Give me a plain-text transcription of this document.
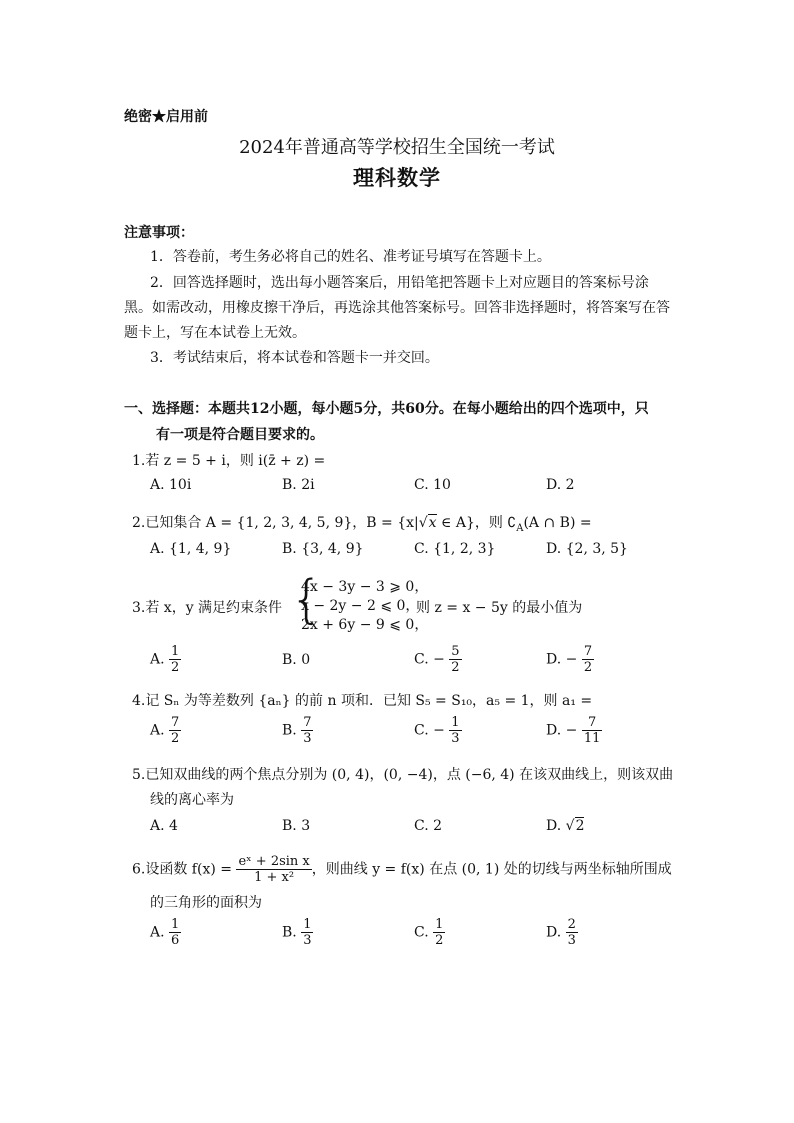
绝密★启用前
2024年普通高等学校招生全国统一考试
理科数学
注意事项：
1．答卷前，考生务必将自己的姓名、准考证号填写在答题卡上。
2．回答选择题时，选出每小题答案后，用铅笔把答题卡上对应题目的答案标号涂
黑。如需改动，用橡皮擦干净后，再选涂其他答案标号。回答非选择题时，将答案写在答
题卡上，写在本试卷上无效。
3．考试结束后，将本试卷和答题卡一并交回。
一、选择题：本题共12小题，每小题5分，共60分。在每小题给出的四个选项中，只
有一项是符合题目要求的。
1.若 z = 5 + i，则 i(z̄ + z) =
A. 10i	B. 2i	C. 10	D. 2
2.已知集合 A = {1, 2, 3, 4, 5, 9}，B = {x|√x ∈ A}，则 $∁_A(A$ ∩ B) =
A. {1, 4, 9}	B. {3, 4, 9}	C. {1, 2, 3}	D. {2, 3, 5}
3.若 x，y 满足约束条件 {
4x − 3y − 3 ⩾ 0，
x − 2y − 2 ⩽ 0，
2x + 6y − 9 ⩽ 0，
则 z = x − 5y 的最小值为
A. $\frac{1}{2}$	B. 0	C. − $\frac{5}{2}$	D. − $\frac{7}{2}$
4.记 Sₙ 为等差数列 {aₙ} 的前 n 项和．已知 S₅ = S₁₀，a₅ = 1，则 a₁ =
A. $\frac{7}{2}$	B. $\frac{7}{3}$	C. − $\frac{1}{3}$	D. − $\frac{7}{11}$
5.已知双曲线的两个焦点分别为 (0, 4)，(0, −4)，点 (−6, 4) 在该双曲线上，则该双曲
线的离心率为
A. 4	B. 3	C. 2	D. √2
6.设函数 $f(x) = \frac{\text{eˣ + 2sin x}}{\text{1 + x²}}$ ，则曲线 y = f(x) 在点 (0, 1) 处的切线与两坐标轴所围成
的三角形的面积为
A. $\frac{1}{6}$	B. $\frac{1}{3}$	C. $\frac{1}{2}$	D. $\frac{2}{3}$
